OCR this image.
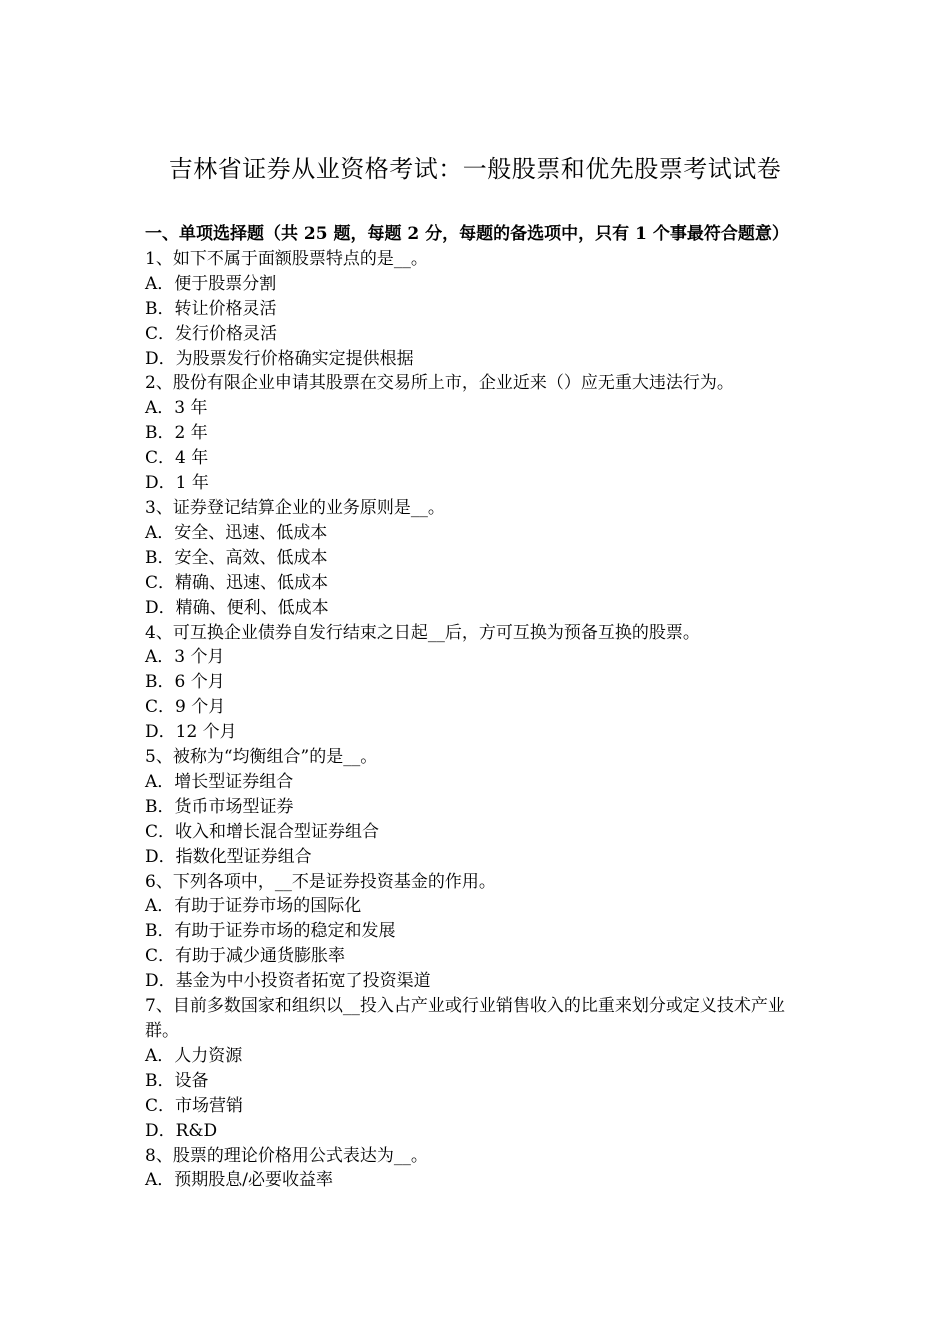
吉林省证券从业资格考试：一般股票和优先股票考试试卷

一、单项选择题（共 25 题，每题 2 分，每题的备选项中，只有 1 个事最符合题意）

1、如下不属于面额股票特点的是__。

A．便于股票分割

B．转让价格灵活

C．发行价格灵活

D．为股票发行价格确实定提供根据

2、股份有限企业申请其股票在交易所上市，企业近来（）应无重大违法行为。

A．3 年

B．2 年

C．4 年

D．1 年

3、证券登记结算企业的业务原则是__。

A．安全、迅速、低成本

B．安全、高效、低成本

C．精确、迅速、低成本

D．精确、便利、低成本

4、可互换企业债券自发行结束之日起__后，方可互换为预备互换的股票。

A．3 个月

B．6 个月

C．9 个月

D．12 个月

5、被称为“均衡组合”的是__。

A．增长型证券组合

B．货币市场型证券

C．收入和增长混合型证券组合

D．指数化型证券组合

6、下列各项中，__不是证券投资基金的作用。

A．有助于证券市场的国际化

B．有助于证券市场的稳定和发展

C．有助于减少通货膨胀率

D．基金为中小投资者拓宽了投资渠道

7、目前多数国家和组织以__投入占产业或行业销售收入的比重来划分或定义技术产业群。

A．人力资源

B．设备

C．市场营销

D．R&D

8、股票的理论价格用公式表达为__。

A．预期股息/必要收益率
